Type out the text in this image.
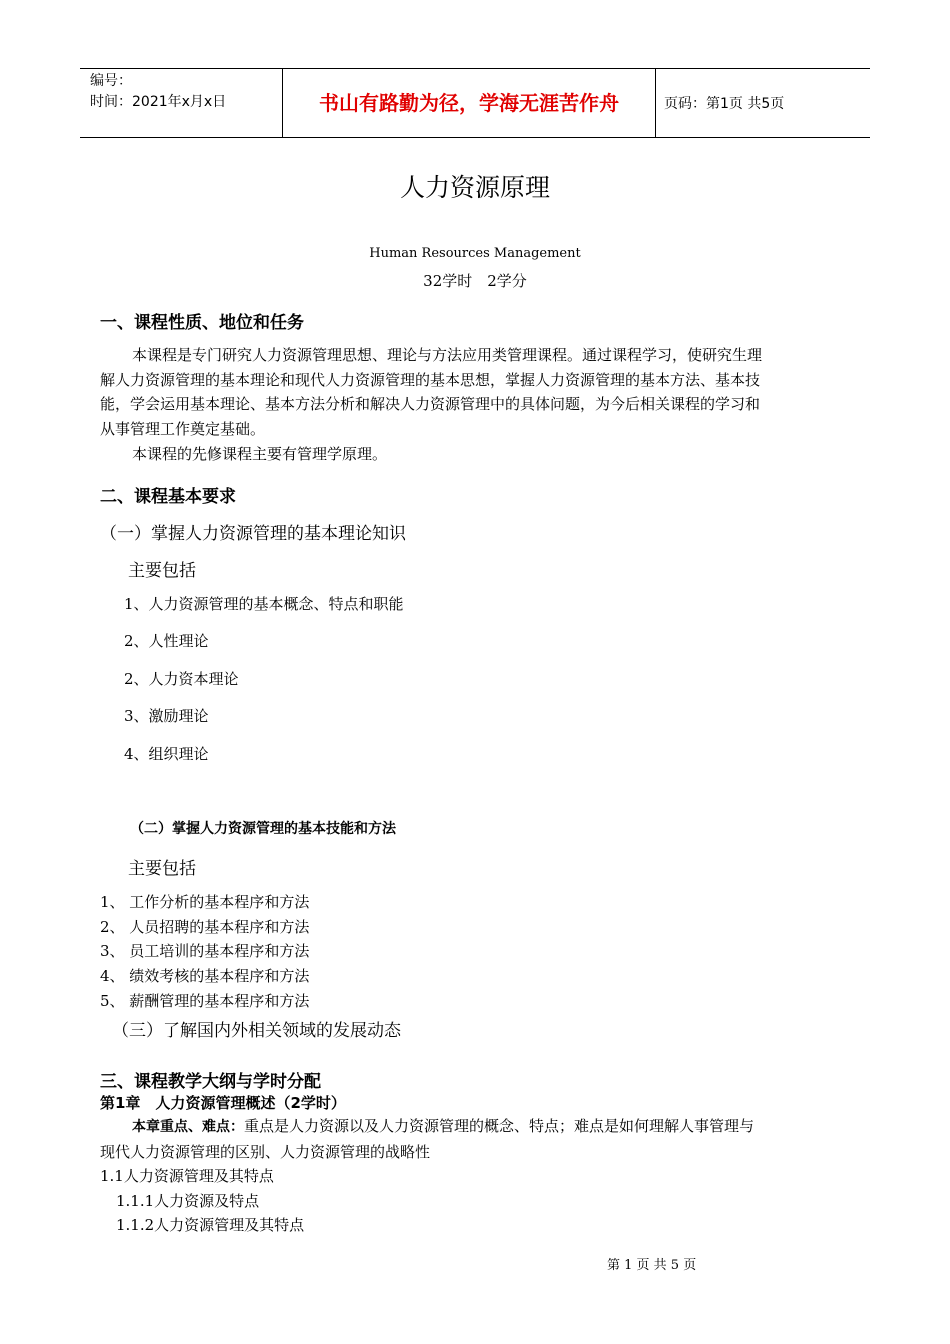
编号：
时间：2021年x月x日	书山有路勤为径，学海无涯苦作舟	页码：第1页 共5页
人力资源原理
Human Resources Management
32学时　2学分
一、课程性质、地位和任务
本课程是专门研究人力资源管理思想、理论与方法应用类管理课程。通过课程学习，使研究生理
解人力资源管理的基本理论和现代人力资源管理的基本思想，掌握人力资源管理的基本方法、基本技
能，学会运用基本理论、基本方法分析和解决人力资源管理中的具体问题，为今后相关课程的学习和
从事管理工作奠定基础。
本课程的先修课程主要有管理学原理。
二、课程基本要求
（一）掌握人力资源管理的基本理论知识
主要包括
1、人力资源管理的基本概念、特点和职能
2、人性理论
2、人力资本理论
3、激励理论
4、组织理论
（二）掌握人力资源管理的基本技能和方法
主要包括
1、 工作分析的基本程序和方法
2、 人员招聘的基本程序和方法
3、 员工培训的基本程序和方法
4、 绩效考核的基本程序和方法
5、 薪酬管理的基本程序和方法
（三）了解国内外相关领域的发展动态
三、课程教学大纲与学时分配
第1章　人力资源管理概述（2学时）
本章重点、难点：重点是人力资源以及人力资源管理的概念、特点；难点是如何理解人事管理与
现代人力资源管理的区别、人力资源管理的战略性
1.1人力资源管理及其特点
1.1.1人力资源及特点
1.1.2人力资源管理及其特点
第 1 页 共 5 页
